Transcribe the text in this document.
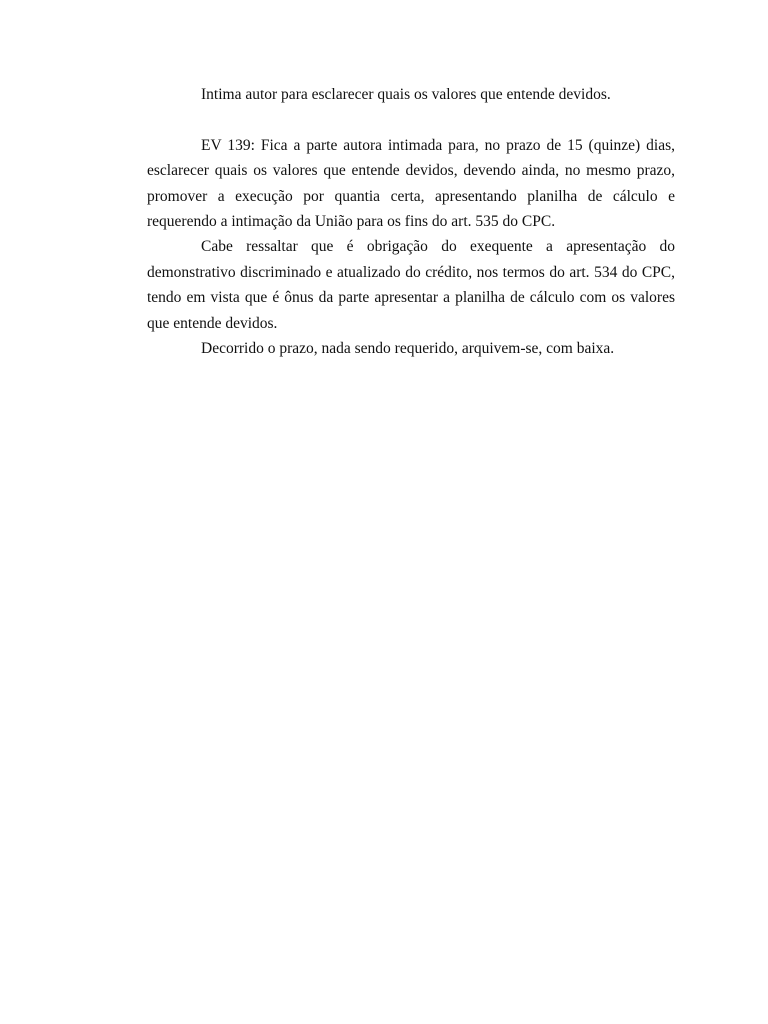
Intima autor para esclarecer quais os valores que entende devidos.

EV 139: Fica a parte autora intimada para, no prazo de 15 (quinze) dias, esclarecer quais os valores que entende devidos, devendo ainda, no mesmo prazo, promover a execução por quantia certa, apresentando planilha de cálculo e requerendo a intimação da União para os fins do art. 535 do CPC.

Cabe ressaltar que é obrigação do exequente a apresentação do demonstrativo discriminado e atualizado do crédito, nos termos do art. 534 do CPC, tendo em vista que é ônus da parte apresentar a planilha de cálculo com os valores que entende devidos.

Decorrido o prazo, nada sendo requerido, arquivem-se, com baixa.
